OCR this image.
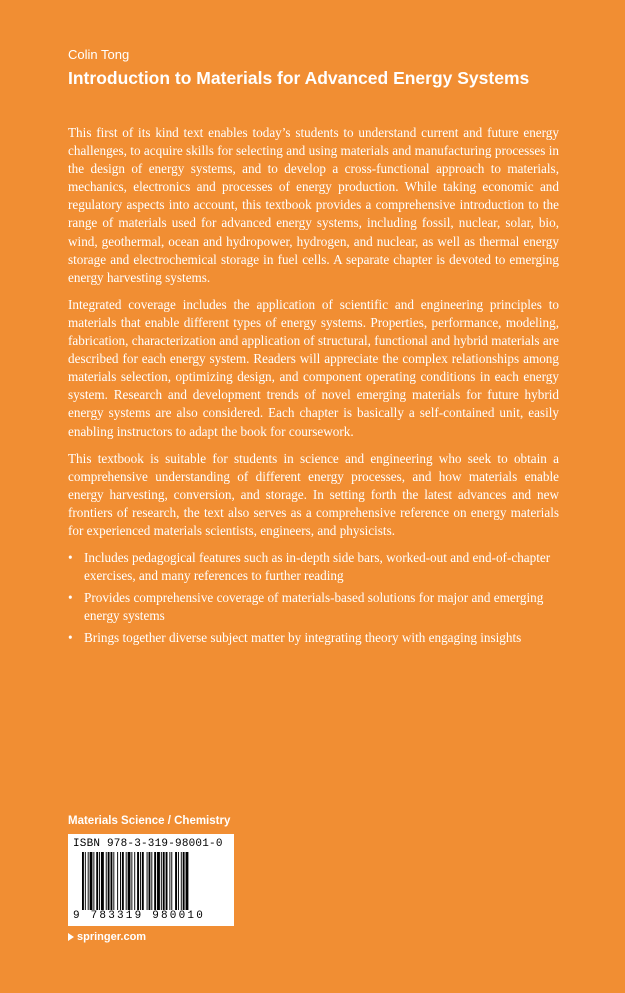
Colin Tong
Introduction to Materials for Advanced Energy Systems

This first of its kind text enables today’s students to understand current and future energy challenges, to acquire skills for selecting and using materials and manufacturing processes in the design of energy systems, and to develop a cross-functional approach to materials, mechanics, electronics and processes of energy production. While taking economic and regulatory aspects into account, this textbook provides a comprehensive introduction to the range of materials used for advanced energy systems, including fossil, nuclear, solar, bio, wind, geothermal, ocean and hydropower, hydrogen, and nuclear, as well as thermal energy storage and electrochemical storage in fuel cells. A separate chapter is devoted to emerging energy harvesting systems.

Integrated coverage includes the application of scientific and engineering principles to materials that enable different types of energy systems. Properties, performance, modeling, fabrication, characterization and application of structural, functional and hybrid materials are described for each energy system. Readers will appreciate the complex relationships among materials selection, optimizing design, and component operating conditions in each energy system. Research and development trends of novel emerging materials for future hybrid energy systems are also considered. Each chapter is basically a self-contained unit, easily enabling instructors to adapt the book for coursework.

This textbook is suitable for students in science and engineering who seek to obtain a comprehensive understanding of different energy processes, and how materials enable energy harvesting, conversion, and storage. In setting forth the latest advances and new frontiers of research, the text also serves as a comprehensive reference on energy materials for experienced materials scientists, engineers, and physicists.

• Includes pedagogical features such as in-depth side bars, worked-out and end-of-chapter exercises, and many references to further reading
• Provides comprehensive coverage of materials-based solutions for major and emerging energy systems
• Brings together diverse subject matter by integrating theory with engaging insights
Materials Science / Chemistry
ISBN 978-3-319-98001-0
9 783319 980010
springer.com
